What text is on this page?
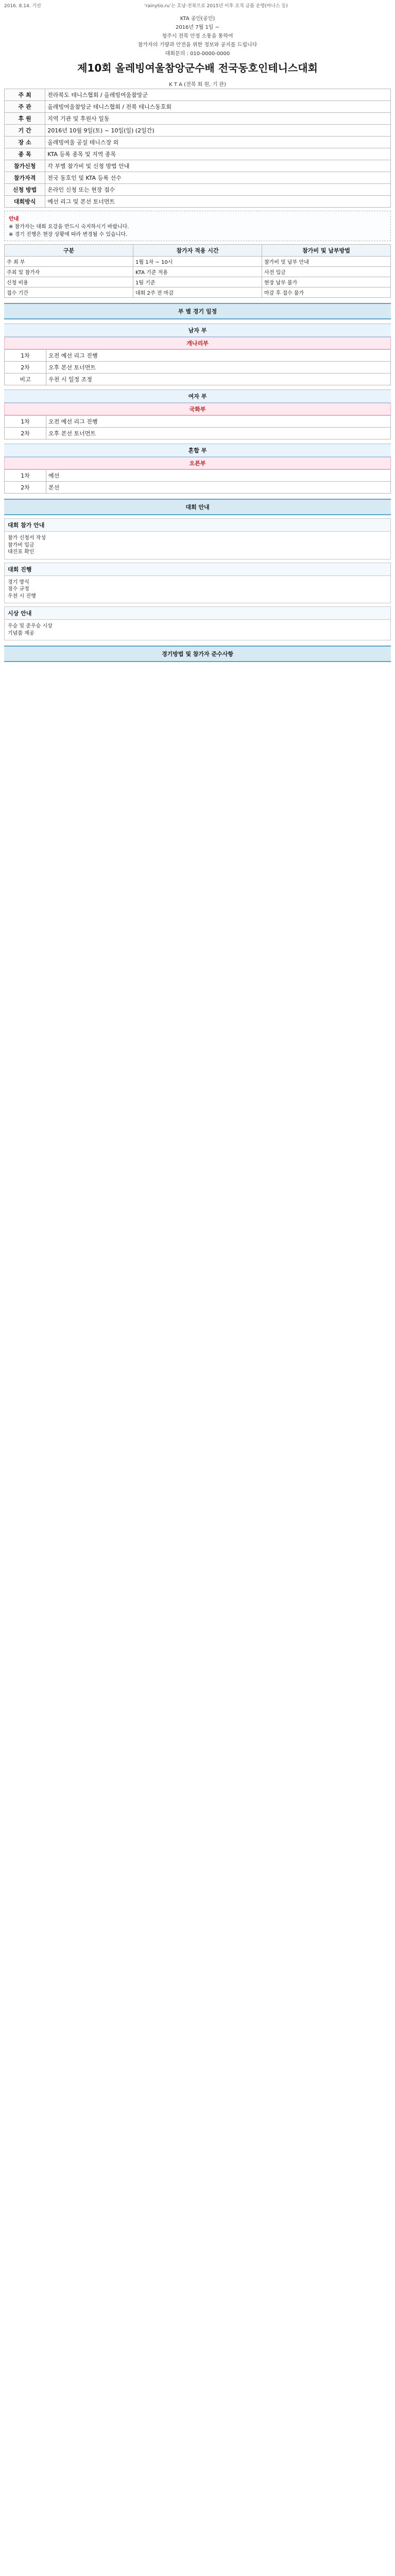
2016. 8.14. 기산	‘rainytio.ru’는 호남·전북으로 2015년 이후 조직 금품 운영(마나스 등)
KTA 공인(공인)
2016년 7월 1일 ~
청주시 전북 안정 소통을 통하여
참가자의 기량과 안전을 위한 정보와 공지를 드립니다
대회문의 : 010-0000-0000
제10회 올레빙여울참앙군수배 전국동호인테니스대회
K T A (전북 회 원, 기 관)
주 최	전라북도 테니스협회 / 올레빙여울참앙군
주 관	올레빙여울참앙군 테니스협회 / 전북 테니스동호회
후 원	지역 기관 및 후원사 일동
기 간	2016년 10월 9일(토) ~ 10일(일) (2일간)
장 소	올레빙여울 공설 테니스장 외
종 목	KTA 등록 종목 및 지역 종목
참가신청	각 부별 참가비 및 신청 방법 안내
참가자격	전국 동호인 및 KTA 등록 선수
신청 방법	온라인 신청 또는 현장 접수
대회방식	예선 리그 및 본선 토너먼트
안내
※ 참가자는 대회 요강을 반드시 숙지하시기 바랍니다.
※ 경기 진행은 현장 상황에 따라 변경될 수 있습니다.
구분	참가자 적용 시간	참가비 및 납부방법
주 최 부	1월 1차 ~ 10시	참가비 및 납부 안내
주최 및 참가자	KTA 기준 적용	사전 입금
신청 비용	1팀 기준	현장 납부 불가
접수 기간	대회 2주 전 마감	마감 후 접수 불가
부 별 경기 일정
남자 부
개나리부
1차	오전 예선 리그 진행
2차	오후 본선 토너먼트
비고	우천 시 일정 조정
여자 부
국화부
1차	오전 예선 리그 진행
2차	오후 본선 토너먼트
혼합 부
오픈부
1차	예선
2차	본선
대회 안내
대회 참가 안내
참가 신청서 작성
참가비 입금
대진표 확인
대회 진행
경기 방식
점수 규정
우천 시 진행
시상 안내
우승 및 준우승 시상
기념품 제공
경기방법 및 참가자 준수사항
